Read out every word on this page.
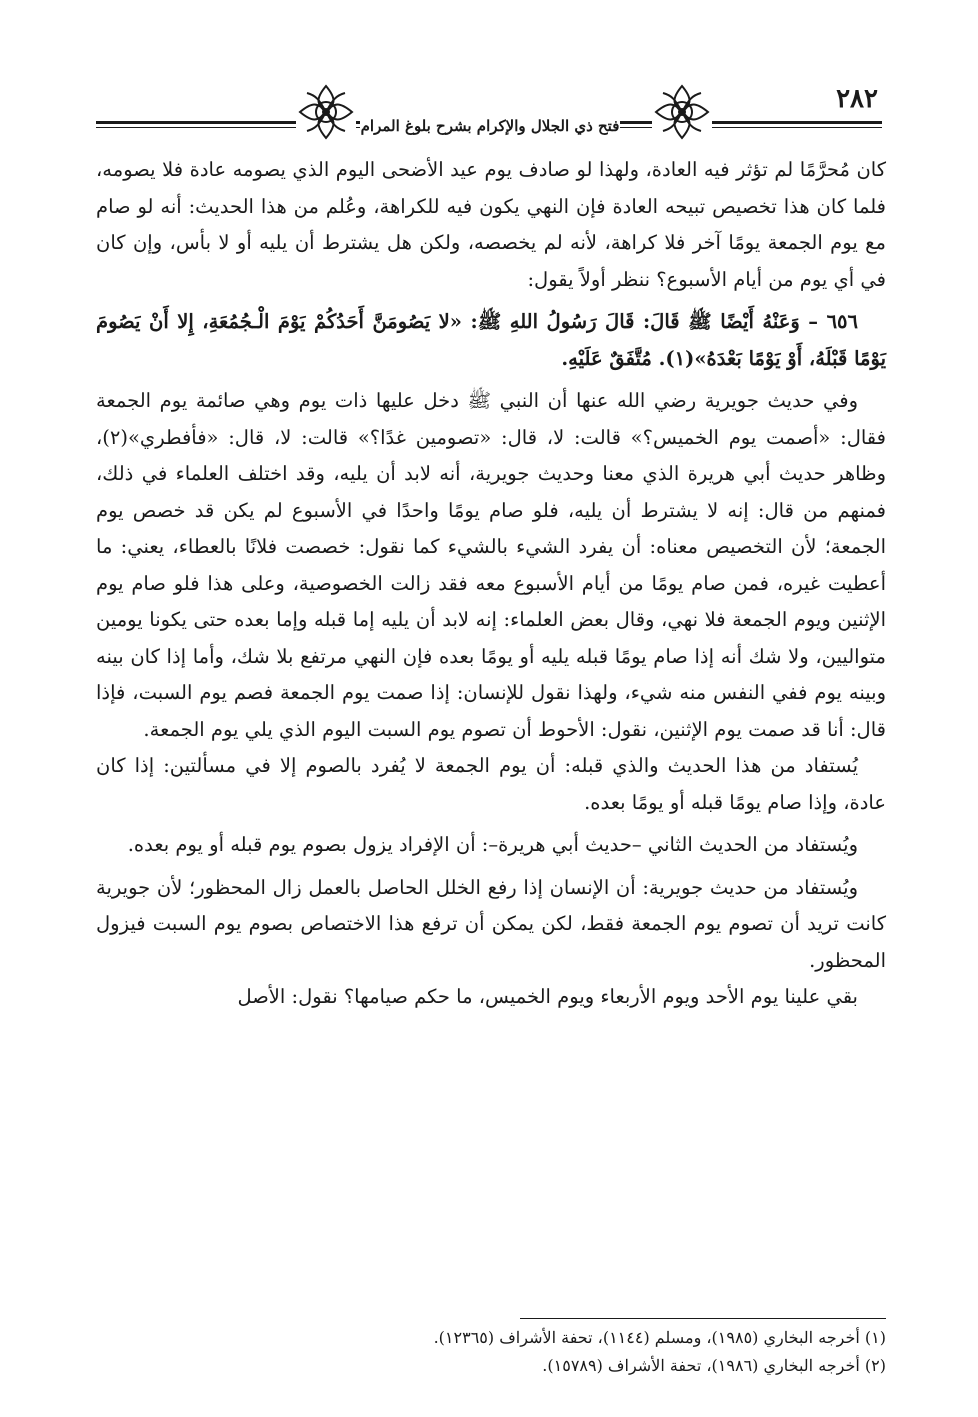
٢٨٢
فتح ذي الجلال والإكرام بشرح بلوغ المرام

كان مُحرَّمًا لم تؤثر فيه العادة، ولهذا لو صادف يوم عيد الأضحى اليوم الذي يصومه عادة فلا يصومه، فلما كان هذا تخصيص تبيحه العادة فإن النهي يكون فيه للكراهة، وعُلم من هذا الحديث: أنه لو صام مع يوم الجمعة يومًا آخر فلا كراهة، لأنه لم يخصصه، ولكن هل يشترط أن يليه أو لا بأس، وإن كان في أي يوم من أيام الأسبوع؟ ننظر أولاً يقول:

٦٥٦ – وَعَنْهُ أَيْضًا ﷺ قَالَ: قَالَ رَسُولُ اللهِ ﷺ: «لا يَصُومَنَّ أَحَدُكُمْ يَوْمَ الْـجُمُعَةِ، إِلا أَنْ يَصُومَ يَوْمًا قَبْلَهُ، أَوْ يَوْمًا بَعْدَهُ»(١). مُتَّفَقٌ عَلَيْهِ.

وفي حديث جويرية رضي الله عنها أن النبي ﷺ دخل عليها ذات يوم وهي صائمة يوم الجمعة فقال: «أصمت يوم الخميس؟» قالت: لا، قال: «تصومين غدًا؟» قالت: لا، قال: «فأفطري»(٢)، وظاهر حديث أبي هريرة الذي معنا وحديث جويرية، أنه لابد أن يليه، وقد اختلف العلماء في ذلك، فمنهم من قال: إنه لا يشترط أن يليه، فلو صام يومًا واحدًا في الأسبوع لم يكن قد خصص يوم الجمعة؛ لأن التخصيص معناه: أن يفرد الشيء بالشيء كما نقول: خصصت فلانًا بالعطاء، يعني: ما أعطيت غيره، فمن صام يومًا من أيام الأسبوع معه فقد زالت الخصوصية، وعلى هذا فلو صام يوم الإثنين ويوم الجمعة فلا نهي، وقال بعض العلماء: إنه لابد أن يليه إما قبله وإما بعده حتى يكونا يومين متواليين، ولا شك أنه إذا صام يومًا قبله يليه أو يومًا بعده فإن النهي مرتفع بلا شك، وأما إذا كان بينه وبينه يوم ففي النفس منه شيء، ولهذا نقول للإنسان: إذا صمت يوم الجمعة فصم يوم السبت، فإذا قال: أنا قد صمت يوم الإثنين، نقول: الأحوط أن تصوم يوم السبت اليوم الذي يلي يوم الجمعة.

يُستفاد من هذا الحديث والذي قبله: أن يوم الجمعة لا يُفرد بالصوم إلا في مسألتين: إذا كان عادة، وإذا صام يومًا قبله أو يومًا بعده.

ويُستفاد من الحديث الثاني –حديث أبي هريرة–: أن الإفراد يزول بصوم يوم قبله أو يوم بعده.

ويُستفاد من حديث جويرية: أن الإنسان إذا رفع الخلل الحاصل بالعمل زال المحظور؛ لأن جويرية كانت تريد أن تصوم يوم الجمعة فقط، لكن يمكن أن ترفع هذا الاختصاص بصوم يوم السبت فيزول المحظور.

بقي علينا يوم الأحد ويوم الأربعاء ويوم الخميس، ما حكم صيامها؟ نقول: الأصل

(١) أخرجه البخاري (١٩٨٥)، ومسلم (١١٤٤)، تحفة الأشراف (١٢٣٦٥).

(٢) أخرجه البخاري (١٩٨٦)، تحفة الأشراف (١٥٧٨٩).
